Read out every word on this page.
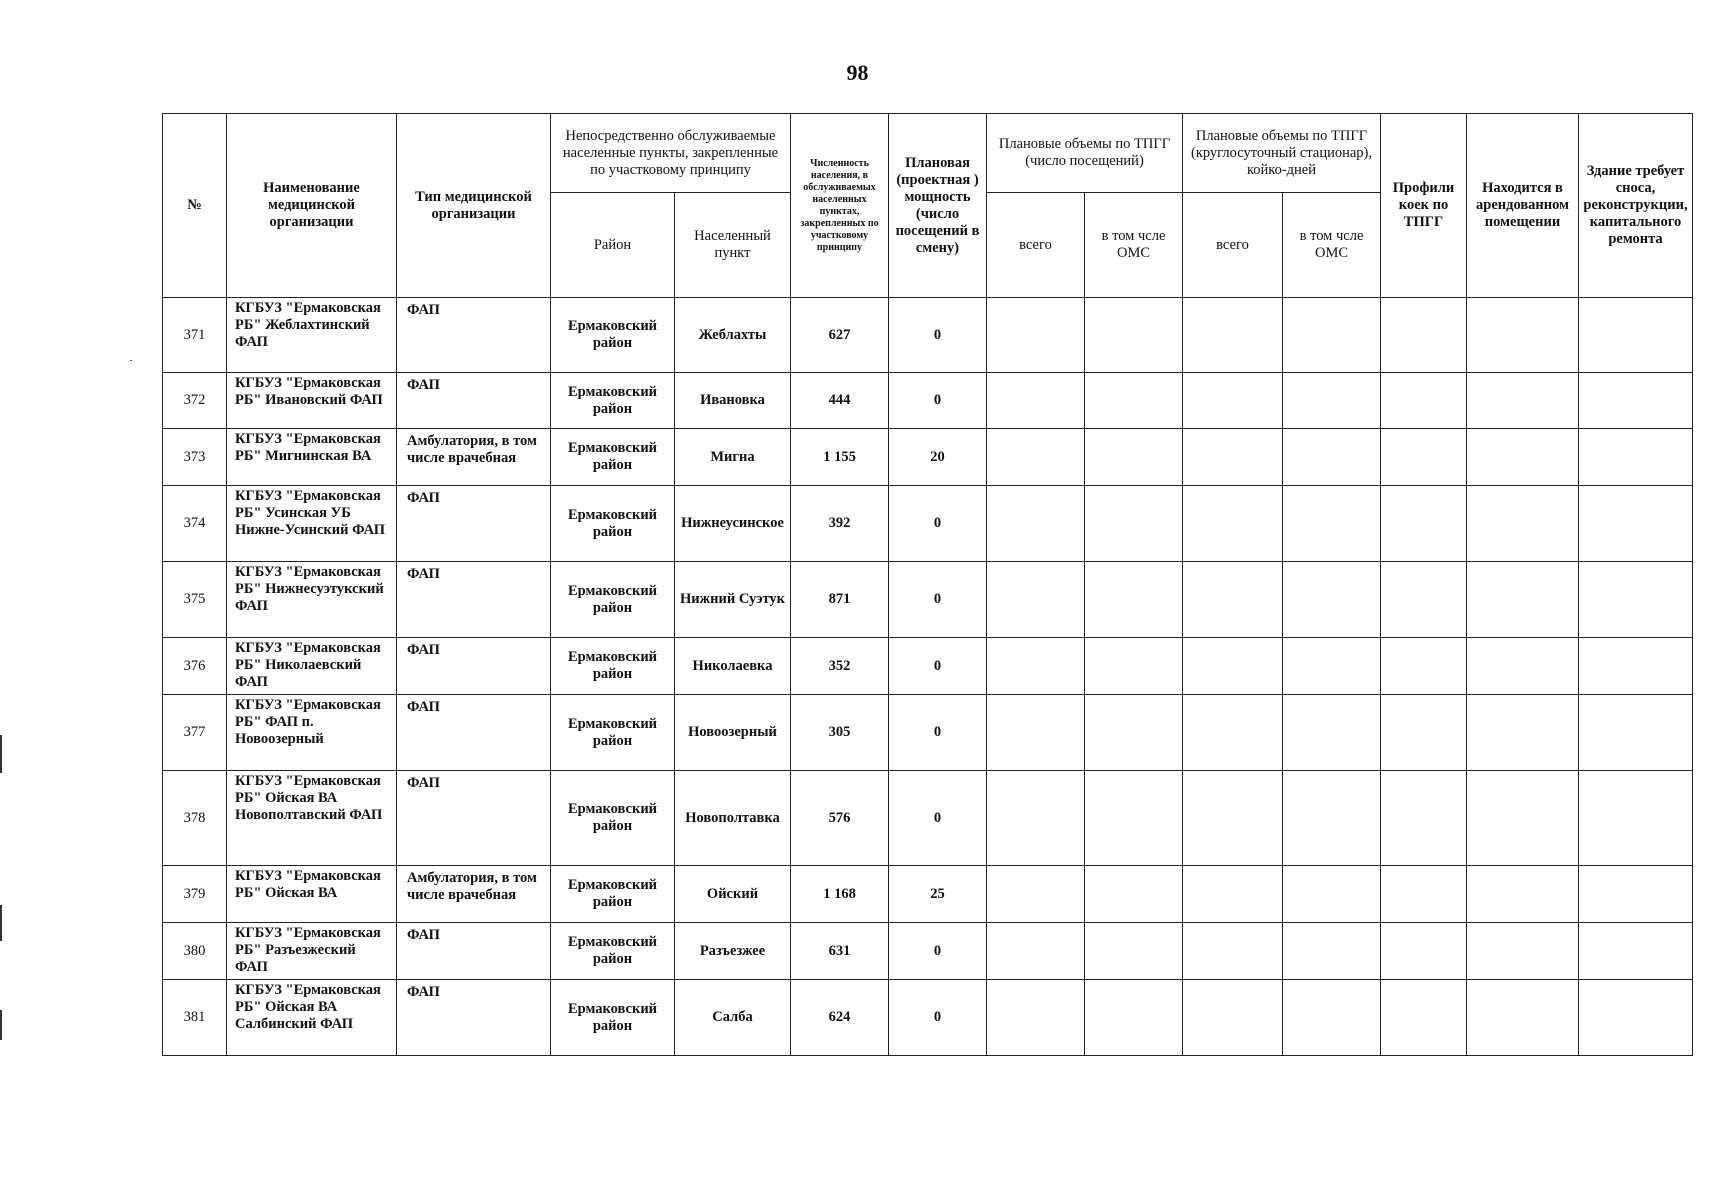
98
№	Наименование медицинской организации	Тип медицинской организации	Непосредственно обслуживаемые населенные пункты, закрепленные по участковому принципу		Численность населения, в обслуживаемых населенных пунктах, закрепленных по участковому принципу	Плановая (проектная ) мощность (число посещений в смену)	Плановые объемы по ТПГГ (число посещений)		Плановые объемы по ТПГГ (круглосуточный стационар), койко-дней		Профили коек по ТПГГ	Находится в арендованном помещении	Здание требует сноса, реконструкции, капитального ремонта
			Район	Населенный пункт			всего	в том чсле ОМС	всего	в том чсле ОМС			
371	КГБУЗ "Ермаковская РБ" Жеблахтинский ФАП	ФАП	Ермаковский район	Жеблахты	627	0							
372	КГБУЗ "Ермаковская РБ" Ивановский ФАП	ФАП	Ермаковский район	Ивановка	444	0							
373	КГБУЗ "Ермаковская РБ" Мигнинская ВА	Амбулатория, в том числе врачебная	Ермаковский район	Мигна	1 155	20							
374	КГБУЗ "Ермаковская РБ" Усинская УБ Нижне-Усинский ФАП	ФАП	Ермаковский район	Нижнеусинское	392	0							
375	КГБУЗ "Ермаковская РБ" Нижнесуэтукский ФАП	ФАП	Ермаковский район	Нижний Суэтук	871	0							
376	КГБУЗ "Ермаковская РБ" Николаевский ФАП	ФАП	Ермаковский район	Николаевка	352	0							
377	КГБУЗ "Ермаковская РБ" ФАП п. Новоозерный	ФАП	Ермаковский район	Новоозерный	305	0							
378	КГБУЗ "Ермаковская РБ" Ойская ВА Новополтавский ФАП	ФАП	Ермаковский район	Новополтавка	576	0							
379	КГБУЗ "Ермаковская РБ" Ойская ВА	Амбулатория, в том числе врачебная	Ермаковский район	Ойский	1 168	25							
380	КГБУЗ "Ермаковская РБ" Разъезжеский ФАП	ФАП	Ермаковский район	Разъезжее	631	0							
381	КГБУЗ "Ермаковская РБ" Ойская ВА Салбинский ФАП	ФАП	Ермаковский район	Салба	624	0							
